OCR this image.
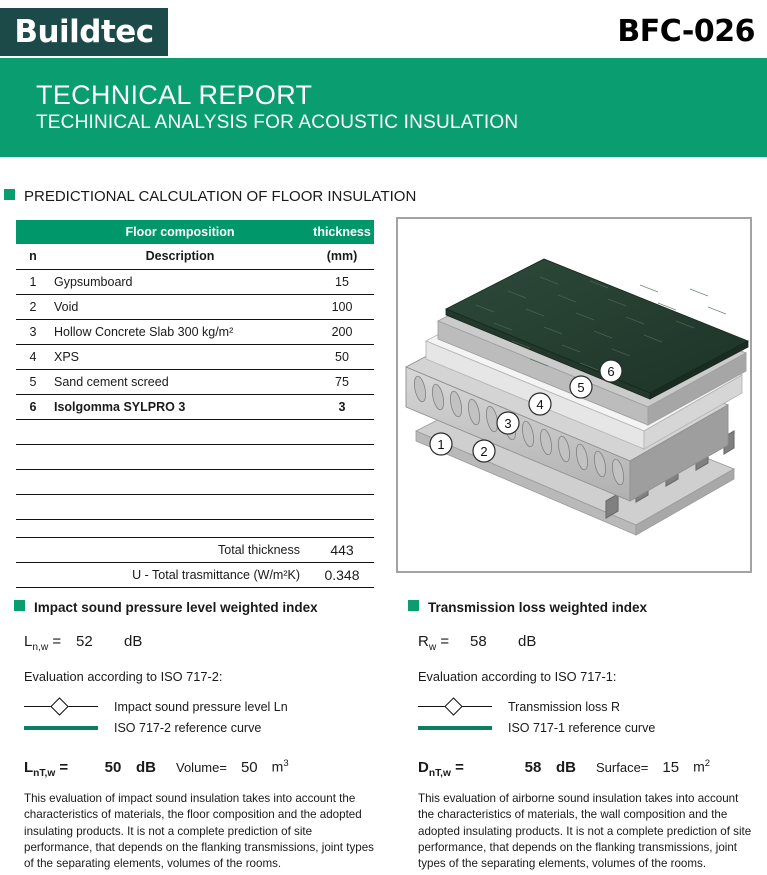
Buildtec	BFC-026
TECHNICAL REPORT
TECHINICAL ANALYSIS FOR ACOUSTIC INSULATION
PREDICTIONAL CALCULATION OF FLOOR INSULATION
	Floor composition	thickness
n	Description	(mm)
1	Gypsumboard	15
2	Void	100
3	Hollow Concrete Slab 300 kg/m²	200
4	XPS	50
5	Sand cement screed	75
6	Isolgomma SYLPRO 3	3

	Total thickness	443
	U - Total trasmittance (W/m²K)	0.348
1	2
3
4
5
6
Impact sound pressure level weighted index
$L_{n,w} = 52$	dB
Evaluation according to ISO 717-2:
Impact sound pressure level Ln
ISO 717-2 reference curve
$L_{nT,w}$ =	50 dB	Volume= 50 $m^3$
This evaluation of impact sound insulation takes into account the characteristics of materials, the floor composition and the adopted insulating products. It is not a complete prediction of site performance, that depends on the flanking transmissions, joint types of the separating elements, volumes of the rooms.
Transmission loss weighted index
$R_w$ =	58	dB
Evaluation according to ISO 717-1:
Transmission loss R
ISO 717-1 reference curve
$D_{nT,w}$ =	58 dB	Surface= 15 $m^2$
This evaluation of airborne sound insulation takes into account the characteristics of materials, the wall composition and the adopted insulating products. It is not a complete prediction of site performance, that depends on the flanking transmissions, joint types of the separating elements, volumes of the rooms.
